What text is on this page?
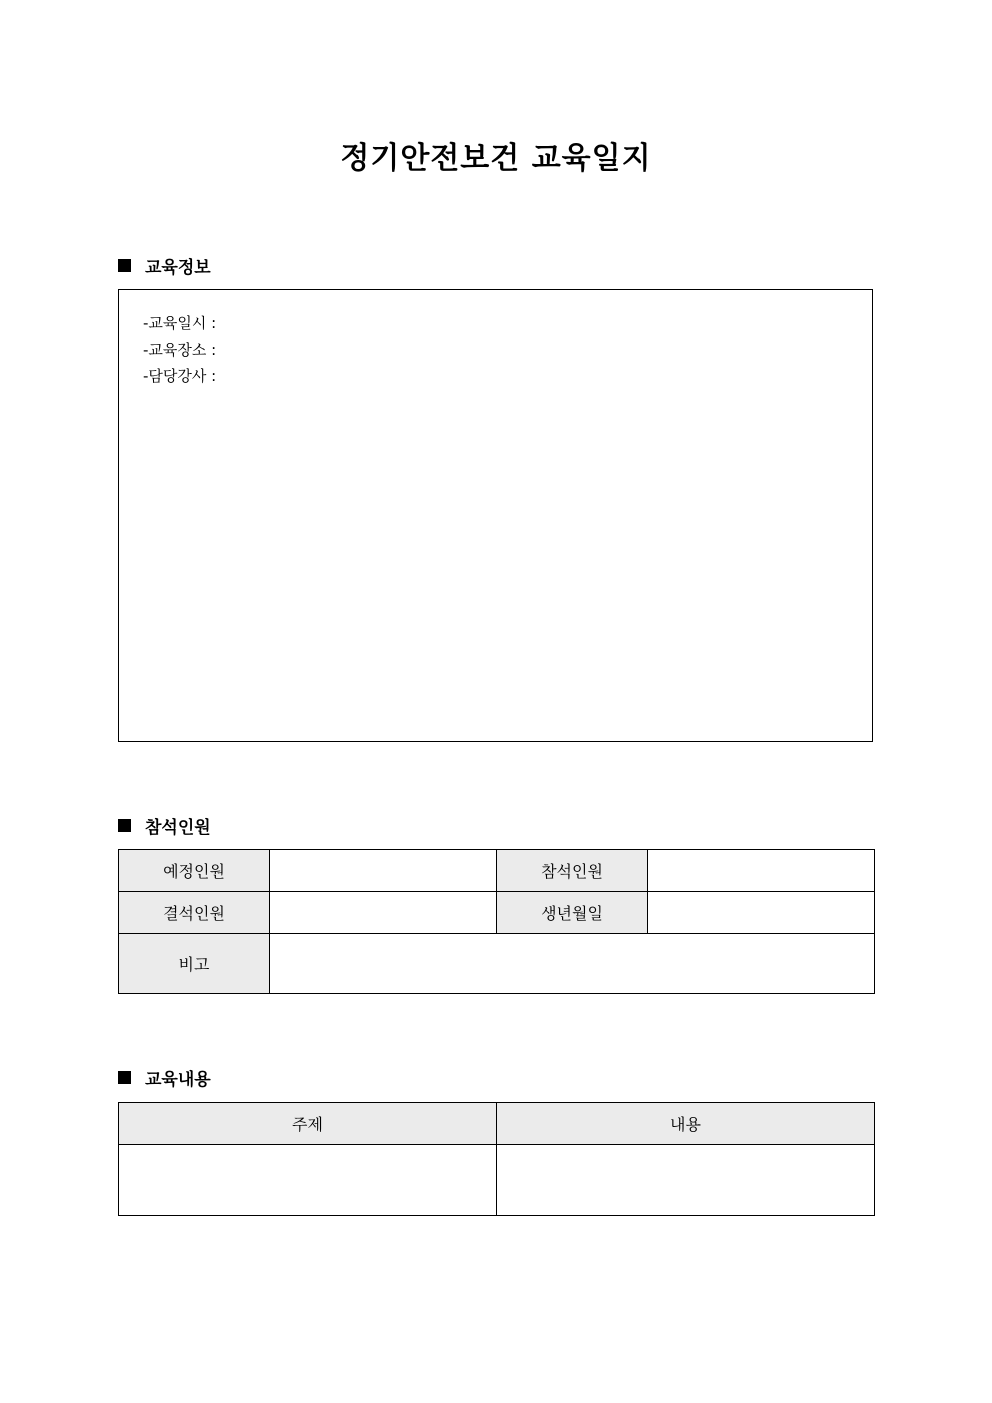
정기안전보건 교육일지
교육정보
-교육일시
:
-교육장소
:
-담당강사
:
참석인원
예정인원		참석인원	
결석인원		생년월일	
비고			
교육내용
주제	내용
